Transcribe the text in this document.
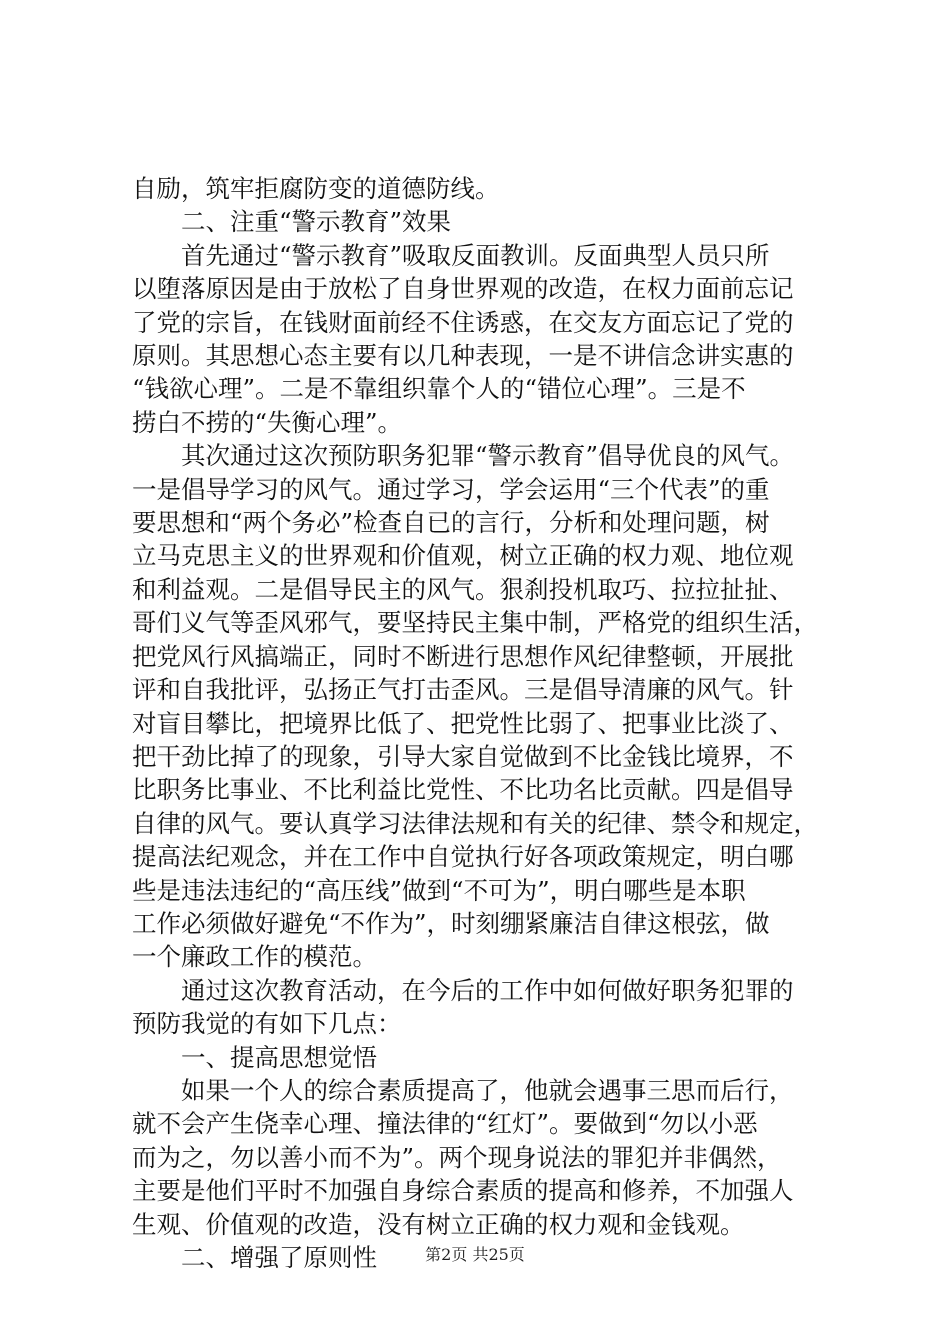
自励，筑牢拒腐防变的道德防线。
二、注重“警示教育”效果
首先通过“警示教育”吸取反面教训。反面典型人员只所
以堕落原因是由于放松了自身世界观的改造，在权力面前忘记
了党的宗旨，在钱财面前经不住诱惑，在交友方面忘记了党的
原则。其思想心态主要有以几种表现，一是不讲信念讲实惠的
“钱欲心理”。二是不靠组织靠个人的“错位心理”。三是不
捞白不捞的“失衡心理”。
其次通过这次预防职务犯罪“警示教育”倡导优良的风气。
一是倡导学习的风气。通过学习，学会运用“三个代表”的重
要思想和“两个务必”检查自已的言行，分析和处理问题，树
立马克思主义的世界观和价值观，树立正确的权力观、地位观
和利益观。二是倡导民主的风气。狠刹投机取巧、拉拉扯扯、
哥们义气等歪风邪气，要坚持民主集中制，严格党的组织生活，
把党风行风搞端正，同时不断进行思想作风纪律整顿，开展批
评和自我批评，弘扬正气打击歪风。三是倡导清廉的风气。针
对盲目攀比，把境界比低了、把党性比弱了、把事业比淡了、
把干劲比掉了的现象，引导大家自觉做到不比金钱比境界，不
比职务比事业、不比利益比党性、不比功名比贡献。四是倡导
自律的风气。要认真学习法律法规和有关的纪律、禁令和规定，
提高法纪观念，并在工作中自觉执行好各项政策规定，明白哪
些是违法违纪的“高压线”做到“不可为”，明白哪些是本职
工作必须做好避免“不作为”，时刻绷紧廉洁自律这根弦，做
一个廉政工作的模范。
通过这次教育活动，在今后的工作中如何做好职务犯罪的
预防我觉的有如下几点：
一、提高思想觉悟
如果一个人的综合素质提高了，他就会遇事三思而后行，
就不会产生侥幸心理、撞法律的“红灯”。要做到“勿以小恶
而为之，勿以善小而不为”。两个现身说法的罪犯并非偶然，
主要是他们平时不加强自身综合素质的提高和修养，不加强人
生观、价值观的改造，没有树立正确的权力观和金钱观。
二、增强了原则性	第2页 共25页
